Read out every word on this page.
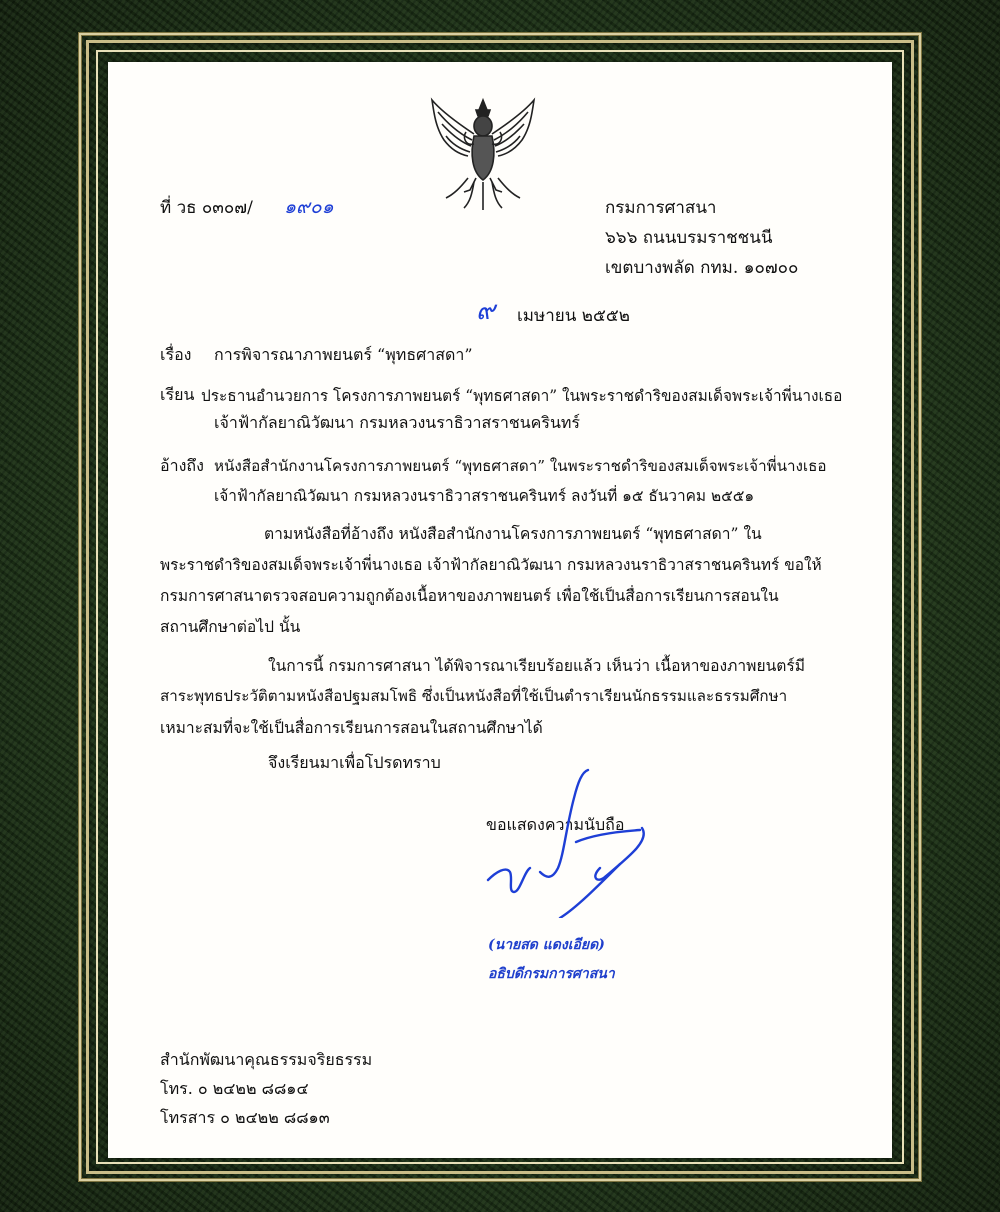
ที่ วธ ๐๓๐๗/ ๑๙๐๑	กรมการศาสนา
๖๖๖ ถนนบรมราชชนนี
เขตบางพลัด กทม. ๑๐๗๐๐
๙ เมษายน ๒๕๕๒
เรื่อง การพิจารณาภาพยนตร์ “พุทธศาสดา”
เรียน ประธานอำนวยการ โครงการภาพยนตร์ “พุทธศาสดา” ในพระราชดำริของสมเด็จพระเจ้าพี่นางเธอ
เจ้าฟ้ากัลยาณิวัฒนา กรมหลวงนราธิวาสราชนครินทร์
อ้างถึง หนังสือสำนักงานโครงการภาพยนตร์ “พุทธศาสดา” ในพระราชดำริของสมเด็จพระเจ้าพี่นางเธอ
เจ้าฟ้ากัลยาณิวัฒนา กรมหลวงนราธิวาสราชนครินทร์ ลงวันที่ ๑๕ ธันวาคม ๒๕๕๑
ตามหนังสือที่อ้างถึง หนังสือสำนักงานโครงการภาพยนตร์ “พุทธศาสดา” ใน
พระราชดำริของสมเด็จพระเจ้าพี่นางเธอ เจ้าฟ้ากัลยาณิวัฒนา กรมหลวงนราธิวาสราชนครินทร์ ขอให้
กรมการศาสนาตรวจสอบความถูกต้องเนื้อหาของภาพยนตร์ เพื่อใช้เป็นสื่อการเรียนการสอนใน
สถานศึกษาต่อไป นั้น
ในการนี้ กรมการศาสนา ได้พิจารณาเรียบร้อยแล้ว เห็นว่า เนื้อหาของภาพยนตร์มี
สาระพุทธประวัติตามหนังสือปฐมสมโพธิ ซึ่งเป็นหนังสือที่ใช้เป็นตำราเรียนนักธรรมและธรรมศึกษา
เหมาะสมที่จะใช้เป็นสื่อการเรียนการสอนในสถานศึกษาได้
จึงเรียนมาเพื่อโปรดทราบ
ขอแสดงความนับถือ
(นายสด แดงเอียด)
อธิบดีกรมการศาสนา
สำนักพัฒนาคุณธรรมจริยธรรม
โทร. ๐ ๒๔๒๒ ๘๘๑๔
โทรสาร ๐ ๒๔๒๒ ๘๘๑๓
